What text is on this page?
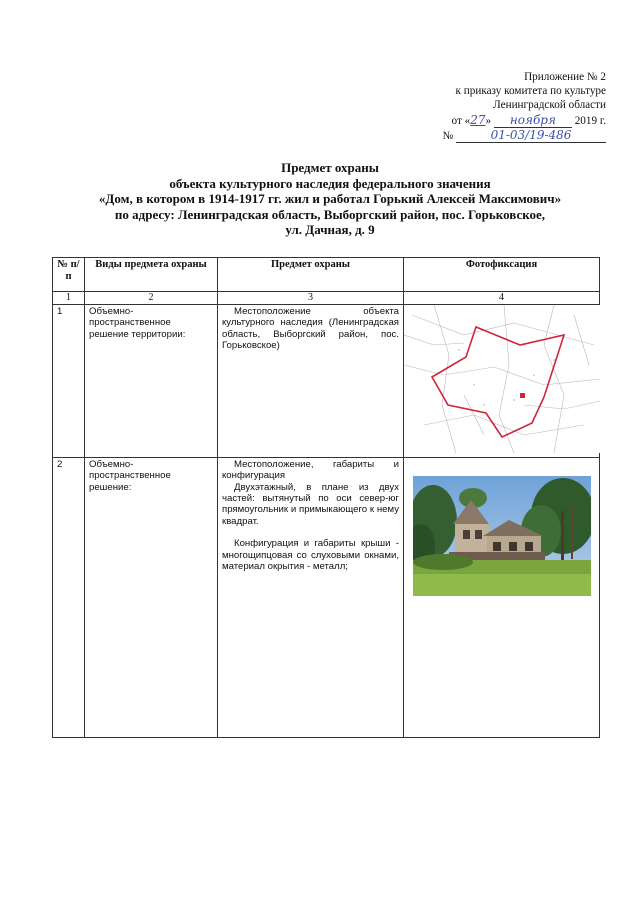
Приложение № 2
к приказу комитета по культуре
Ленинградской области
от «27» ноября 2019 г.
№	01-03/19-486
Предмет охраны
объекта культурного наследия федерального значения
«Дом, в котором в 1914-1917 гг. жил и работал Горький Алексей Максимович»
по адресу: Ленинградская область, Выборгский район, пос. Горьковское,
ул. Дачная, д. 9
№ п/п	Виды предмета охраны	Предмет охраны	Фотофиксация
1	2	3	4
1	Объемно-пространственное решение территории:	Местоположение объекта культурного наследия (Ленинградская область, Выборгский район, пос. Горьковское)

2	Объемно-пространственное решение:	Местоположение, габариты и конфигурация

Двухэтажный, в плане из двух частей: вытянутый по оси север-юг прямоугольник и примыкающего к нему квадрат.

Конфигурация и габариты крыши - многощипцовая со слуховыми окнами, материал окрытия - металл;
